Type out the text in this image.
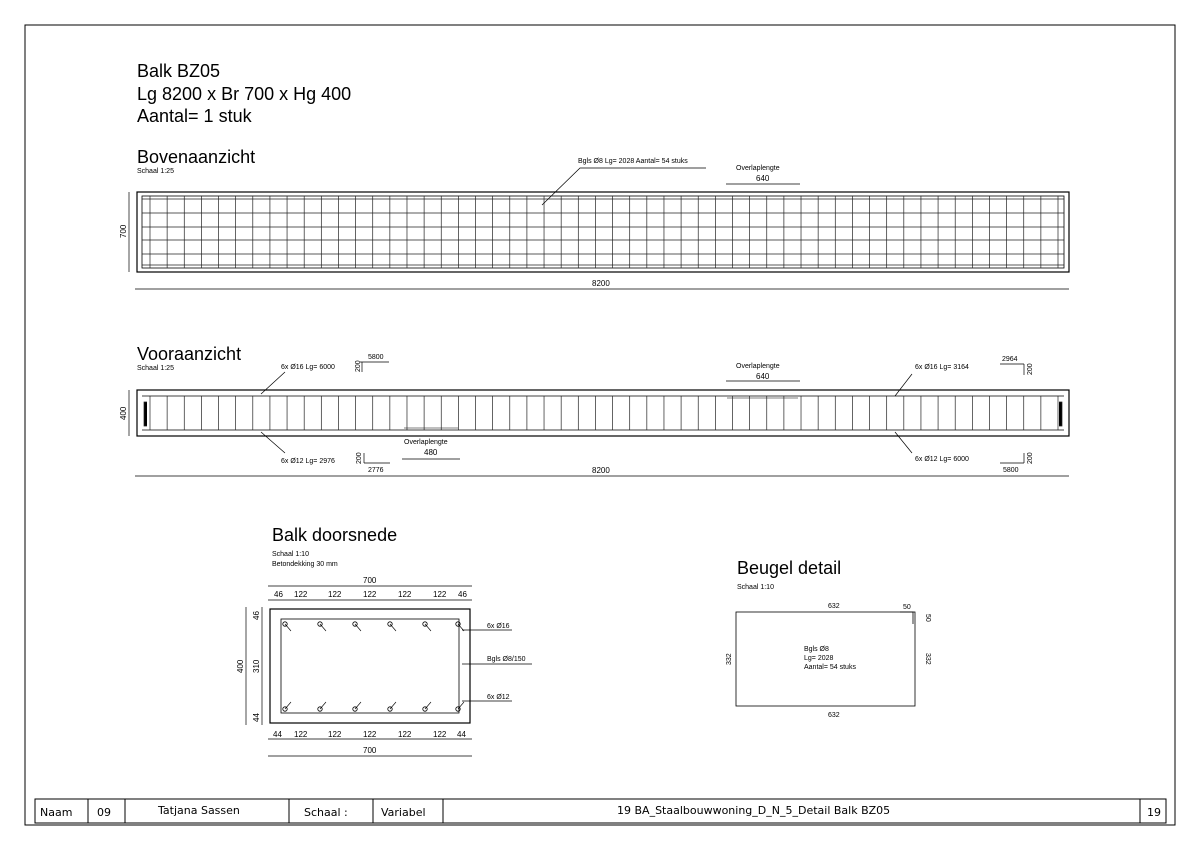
Balk BZ05
Lg 8200 x Br 700 x Hg 400
Aantal= 1 stuk
Bovenaanzicht
Schaal 1:25
Bgls Ø8 Lg= 2028 Aantal= 54 stuks
Overlaplengte
640
700
8200
Vooraanzicht
Schaal 1:25	6x Ø16 Lg= 6000
5800
200	6x Ø16 Lg= 3164
2964
200
6x Ø12 Lg= 2976	200
2776
6x Ø12 Lg= 6000	200
5800
Overlaplengte
640
Overlaplengte
480
400
8200
Balk doorsnede
Schaal 1:10
Betondekking 30 mm
700
46 122	122	122	122	122 46
44 122	122	122	122	122 44
700
400
46
310
44
6x Ø16
Bgls Ø8/150
6x Ø12
Beugel detail
Schaal 1:10
632	50
50
332	332
632
Bgls Ø8
Lg= 2028
Aantal= 54 stuks
Naam 09	Tatjana Sassen	Schaal :	Variabel	19 BA_Staalbouwwoning_D_N_5_Detail Balk BZ05	19
